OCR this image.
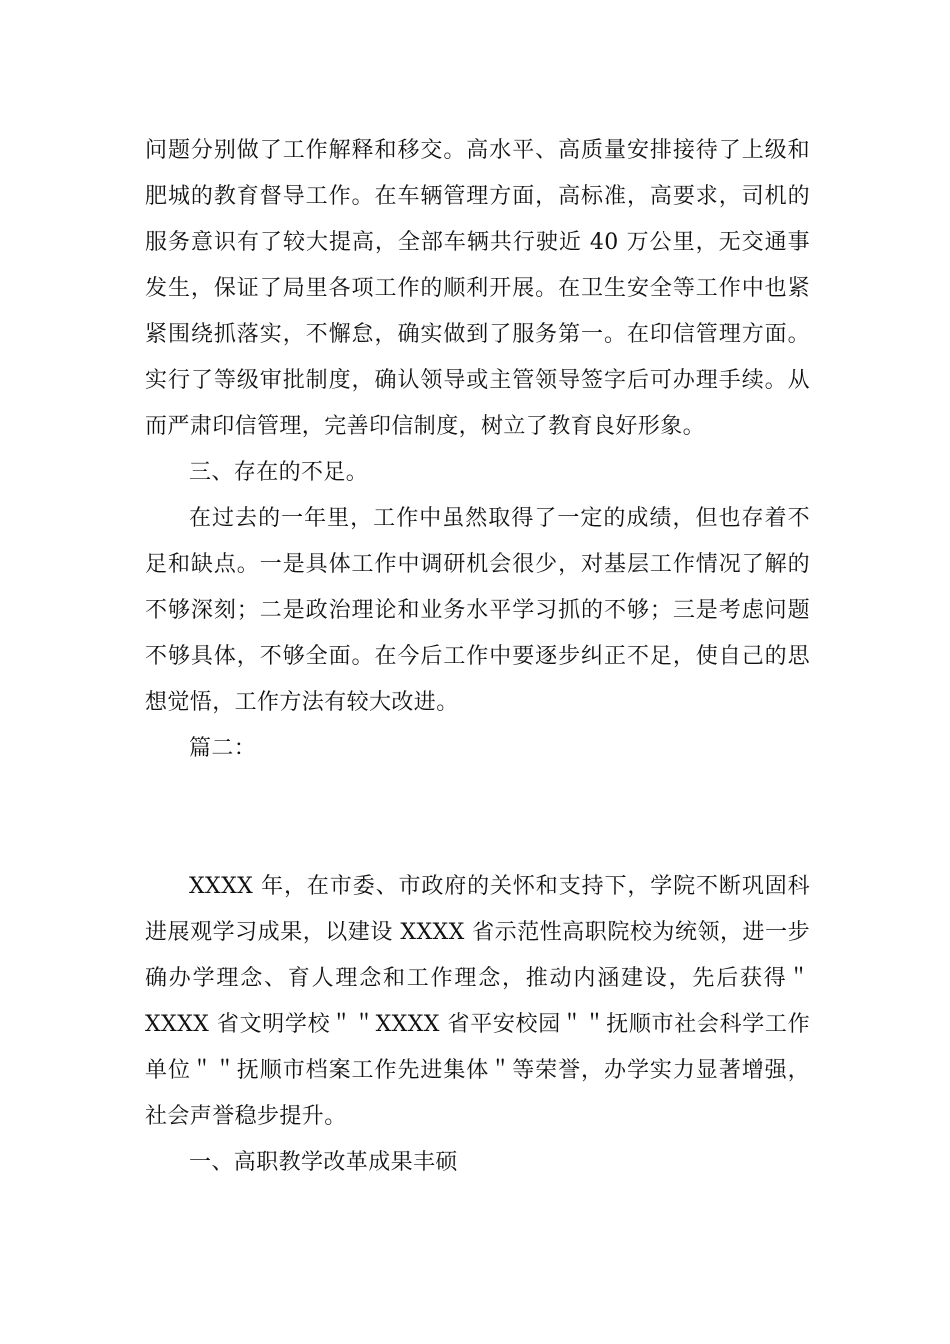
问题分别做了工作解释和移交。高水平、高质量安排接待了上级和
肥城的教育督导工作。在车辆管理方面，高标准，高要求，司机的
服务意识有了较大提高，全部车辆共行驶近 40 万公里，无交通事
发生，保证了局里各项工作的顺利开展。在卫生安全等工作中也紧
紧围绕抓落实，不懈怠，确实做到了服务第一。在印信管理方面。
实行了等级审批制度，确认领导或主管领导签字后可办理手续。从
而严肃印信管理，完善印信制度，树立了教育良好形象。
三、存在的不足。
在过去的一年里，工作中虽然取得了一定的成绩，但也存着不
足和缺点。一是具体工作中调研机会很少，对基层工作情况了解的
不够深刻；二是政治理论和业务水平学习抓的不够；三是考虑问题
不够具体，不够全面。在今后工作中要逐步纠正不足，使自己的思
想觉悟，工作方法有较大改进。
篇二：
XXXX 年，在市委、市政府的关怀和支持下，学院不断巩固科
进展观学习成果，以建设 XXXX 省示范性高职院校为统领，进一步
确办学理念、育人理念和工作理念，推动内涵建设，先后获得＂
XXXX 省文明学校＂＂XXXX 省平安校园＂＂抚顺市社会科学工作
单位＂＂抚顺市档案工作先进集体＂等荣誉，办学实力显著增强，
社会声誉稳步提升。
一、高职教学改革成果丰硕
